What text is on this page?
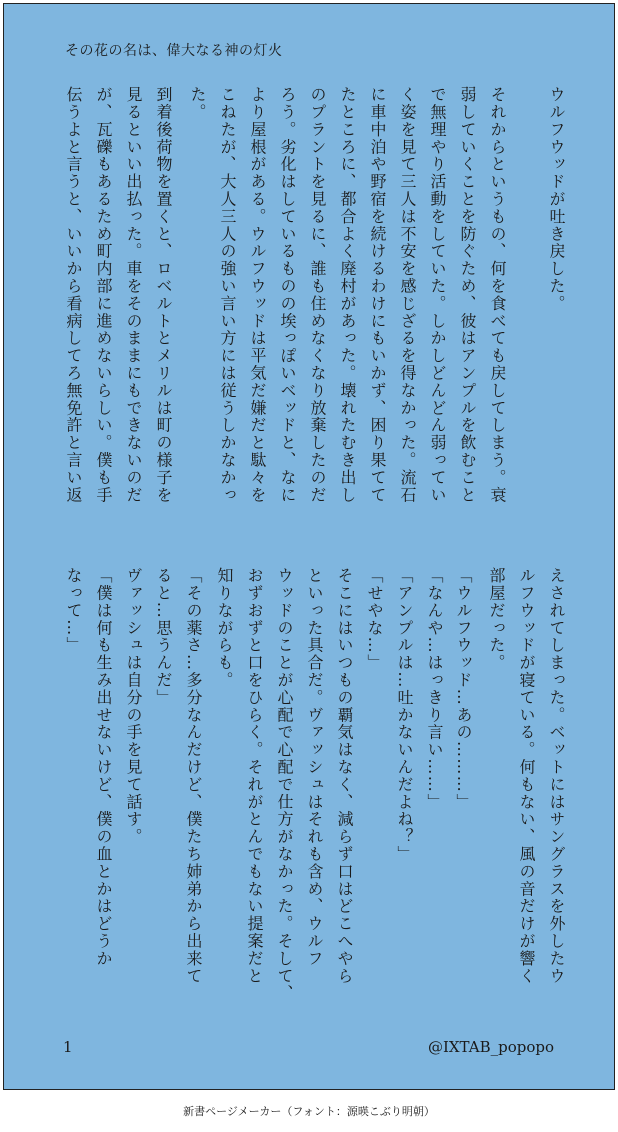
その花の名は、偉大なる神の灯火
ウルフウッドが吐き戻した。
それからというもの、何を食べても戻してしまう。衰
弱していくことを防ぐため、彼はアンプルを飲むこと
で無理やり活動をしていた。しかしどんどん弱ってい
く姿を見て三人は不安を感じざるを得なかった。流石
に車中泊や野宿を続けるわけにもいかず、困り果てて
たところに、都合よく廃村があった。壊れたむき出し
のプラントを見るに、誰も住めなくなり放棄したのだ
ろう。劣化はしているものの埃っぽいベッドと、なに
より屋根がある。ウルフウッドは平気だ嫌だと駄々を
こねたが、大人三人の強い言い方には従うしかなかっ
た。
到着後荷物を置くと、ロベルトとメリルは町の様子を
見るといい出払った。車をそのままにもできないのだ
が、瓦礫もあるため町内部に進めないらしい。僕も手
伝うよと言うと、いいから看病してろ無免許と言い返
えされてしまった。ベットにはサングラスを外したウ
ルフウッドが寝ている。何もない、風の音だけが響く
部屋だった。
「ウルフウッド…あの………」
「なんや…はっきり言い……」
「アンプルは…吐かないんだよね？」
「せやな…」
そこにはいつもの覇気はなく、減らず口はどこへやら
といった具合だ。ヴァッシュはそれも含め、ウルフ
ウッドのことが心配で心配で仕方がなかった。そして、
おずおずと口をひらく。それがとんでもない提案だと
知りながらも。
「その薬さ…多分なんだけど、僕たち姉弟から出来て
ると…思うんだ」
ヴァッシュは自分の手を見て話す。
「僕は何も生み出せないけど、僕の血とかはどうか
なって…」
1	@IXTAB_popopo
新書ページメーカー（フォント：源暎こぶり明朝）
